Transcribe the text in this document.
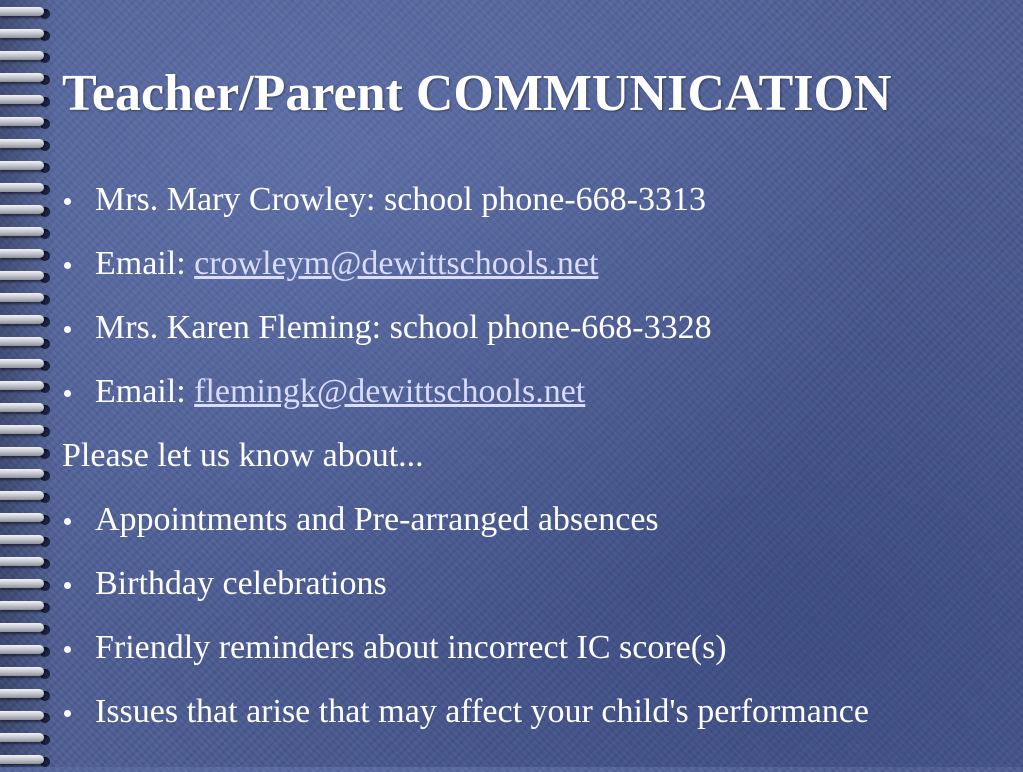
Teacher/Parent COMMUNICATION
Mrs. Mary Crowley: school phone-668-3313
Email: crowleym@dewittschools.net
Mrs. Karen Fleming: school phone-668-3328
Email: flemingk@dewittschools.net
Please let us know about...
Appointments and Pre-arranged absences
Birthday celebrations
Friendly reminders about incorrect IC score(s)
Issues that arise that may affect your child's performance
